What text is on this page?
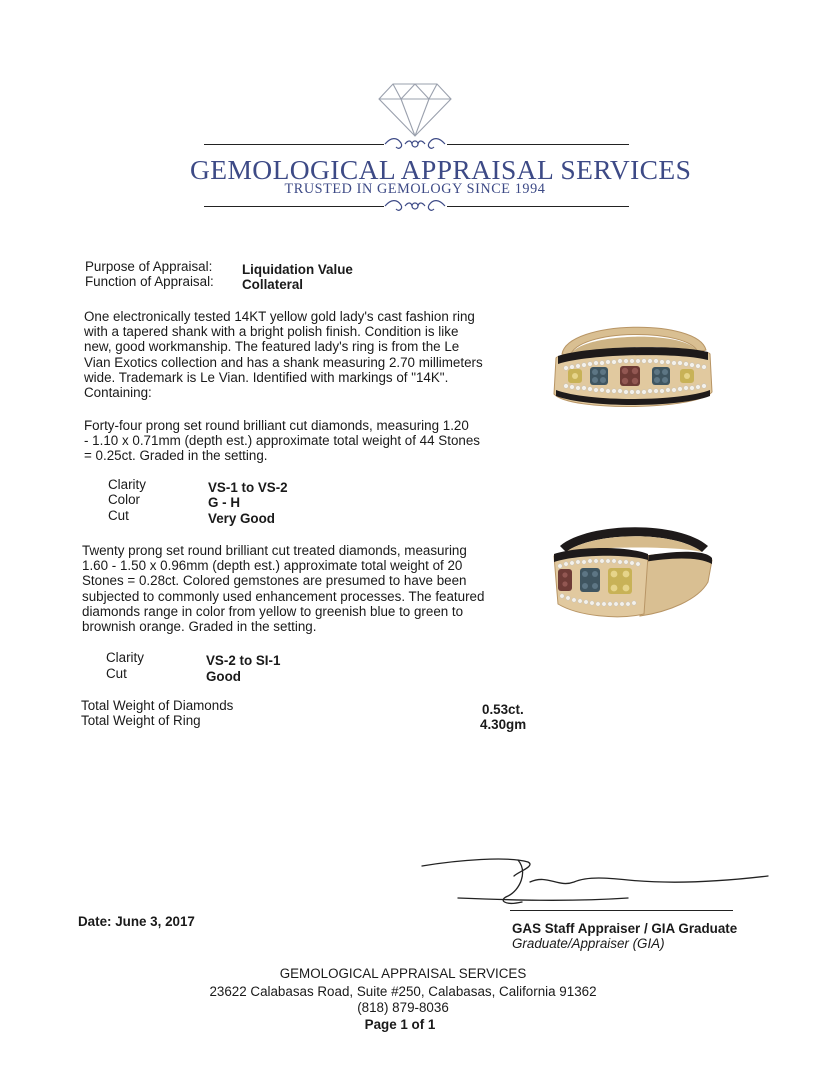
GEMOLOGICAL APPRAISAL SERVICES
TRUSTED IN GEMOLOGY SINCE 1994
Purpose of Appraisal: Liquidation Value
Function of Appraisal: Collateral
One electronically tested 14KT yellow gold lady's cast fashion ring
with a tapered shank with a bright polish finish. Condition is like
new, good workmanship. The featured lady's ring is from the Le
Vian Exotics collection and has a shank measuring 2.70 millimeters
wide. Trademark is Le Vian. Identified with markings of "14K".
Containing:
Forty-four prong set round brilliant cut diamonds, measuring 1.20
- 1.10 x 0.71mm (depth est.) approximate total weight of 44 Stones
= 0.25ct. Graded in the setting.
Clarity	VS-1 to VS-2
Color	G - H
Cut	Very Good
Twenty prong set round brilliant cut treated diamonds, measuring
1.60 - 1.50 x 0.96mm (depth est.) approximate total weight of 20
Stones = 0.28ct. Colored gemstones are presumed to have been
subjected to commonly used enhancement processes. The featured
diamonds range in color from yellow to greenish blue to green to
brownish orange. Graded in the setting.
Clarity	VS-2 to SI-1
Cut	Good
Total Weight of Diamonds	0.53ct.
Total Weight of Ring	4.30gm
Date: June 3, 2017	GAS Staff Appraiser / GIA Graduate
Graduate/Appraiser (GIA)
GEMOLOGICAL APPRAISAL SERVICES
23622 Calabasas Road, Suite #250, Calabasas, California 91362
(818) 879-8036
Page 1 of 1
